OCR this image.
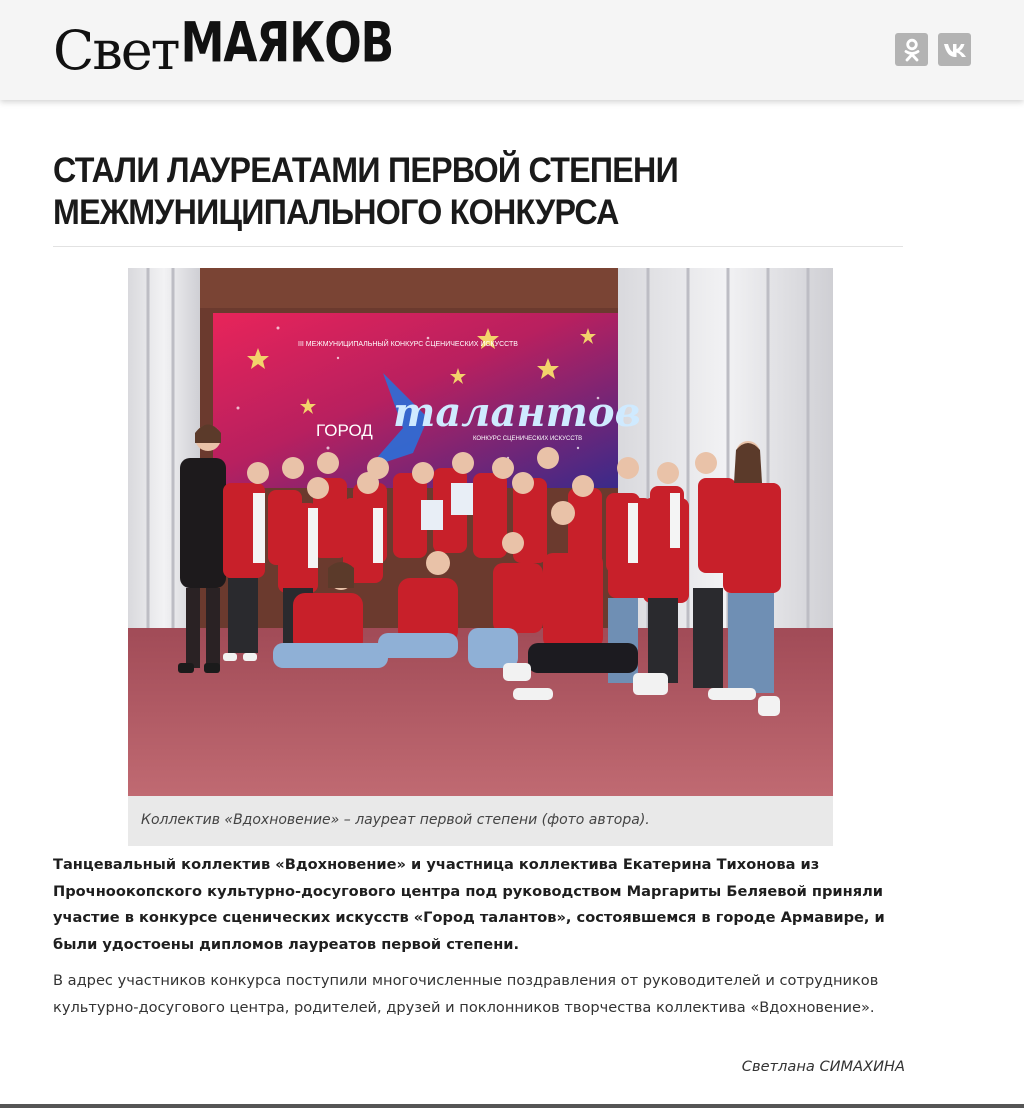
Свет МАЯКОВ
СТАЛИ ЛАУРЕАТАМИ ПЕРВОЙ СТЕПЕНИ МЕЖМУНИЦИПАЛЬНОГО КОНКУРСА
III МЕЖМУНИЦИПАЛЬНЫЙ КОНКУРС СЦЕНИЧЕСКИХ ИСКУССТВ
ГОРОД талантов
КОНКУРС СЦЕНИЧЕСКИХ ИСКУССТВ
Коллектив «Вдохновение» – лауреат первой степени (фото автора).

Танцевальный коллектив «Вдохновение» и участница коллектива Екатерина Тихонова из Прочноокопского культурно-досугового центра под руководством Маргариты Беляевой приняли участие в конкурсе сценических искусств «Город талантов», состоявшемся в городе Армавире, и были удостоены дипломов лауреатов первой степени.

В адрес участников конкурса поступили многочисленные поздравления от руководителей и сотрудников культурно-досугового центра, родителей, друзей и поклонников творчества коллектива «Вдохновение».

Светлана СИМАХИНА
